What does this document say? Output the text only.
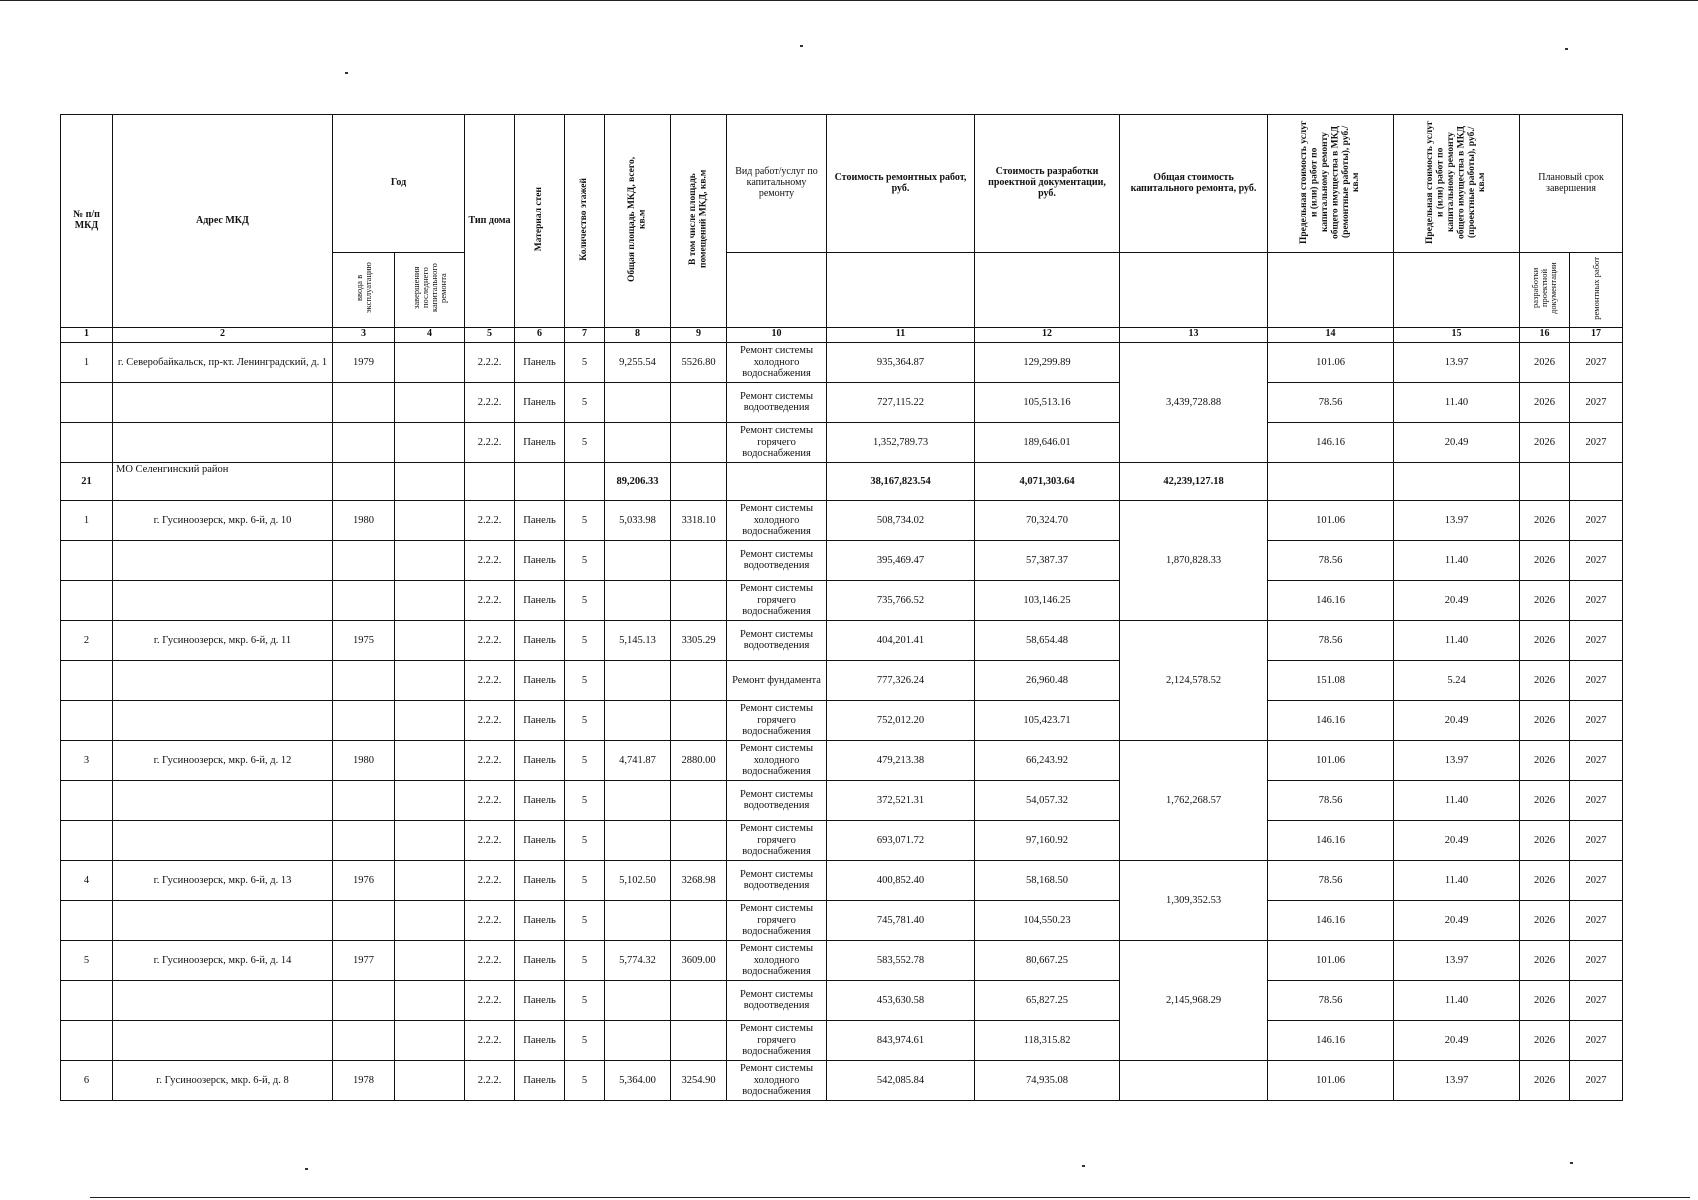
№ п/п МКД	Адрес МКД	Год		Тип дома	Материал стен	Количество этажей	Общая площадь МКД, всего, кв.м	В том числе площадь помещений МКД, кв.м	Вид работ/услуг по капитальному ремонту	Стоимость ремонтных работ, руб.	Стоимость разработки проектной документации, руб.	Общая стоимость капитального ремонта, руб.	Предельная стоимость услуг и (или) работ по капитальному ремонту общего имущества в МКД (ремонтные работы), руб./кв.м	Предельная стоимость услуг и (или) работ по капитальному ремонту общего имущества в МКД (проектные работы), руб./кв.м	Плановый срок завершения	
		ввода в эксплуатацию	завершения последнего капитального ремонта												разработки проектной документации	ремонтных работ
1	2	3	4	5	6	7	8	9	10	11	12	13	14	15	16	17
1	г. Северобайкальск, пр-кт. Ленинградский, д. 1	1979		2.2.2.	Панель	5	9,255.54	5526.80	Ремонт системы холодного водоснабжения	935,364.87	129,299.89	3,439,728.88	101.06	13.97	2026	2027
				2.2.2.	Панель	5			Ремонт системы водоотведения	727,115.22	105,513.16		78.56	11.40	2026	2027
				2.2.2.	Панель	5			Ремонт системы горячего водоснабжения	1,352,789.73	189,646.01		146.16	20.49	2026	2027
21	МО Селенгинский район						89,206.33			38,167,823.54	4,071,303.64	42,239,127.18				
1	г. Гусиноозерск, мкр. 6-й, д. 10	1980		2.2.2.	Панель	5	5,033.98	3318.10	Ремонт системы холодного водоснабжения	508,734.02	70,324.70	1,870,828.33	101.06	13.97	2026	2027
				2.2.2.	Панель	5			Ремонт системы водоотведения	395,469.47	57,387.37		78.56	11.40	2026	2027
				2.2.2.	Панель	5			Ремонт системы горячего водоснабжения	735,766.52	103,146.25		146.16	20.49	2026	2027
2	г. Гусиноозерск, мкр. 6-й, д. 11	1975		2.2.2.	Панель	5	5,145.13	3305.29	Ремонт системы водоотведения	404,201.41	58,654.48	2,124,578.52	78.56	11.40	2026	2027
				2.2.2.	Панель	5			Ремонт фундамента	777,326.24	26,960.48		151.08	5.24	2026	2027
				2.2.2.	Панель	5			Ремонт системы горячего водоснабжения	752,012.20	105,423.71		146.16	20.49	2026	2027
3	г. Гусиноозерск, мкр. 6-й, д. 12	1980		2.2.2.	Панель	5	4,741.87	2880.00	Ремонт системы холодного водоснабжения	479,213.38	66,243.92	1,762,268.57	101.06	13.97	2026	2027
				2.2.2.	Панель	5			Ремонт системы водоотведения	372,521.31	54,057.32		78.56	11.40	2026	2027
				2.2.2.	Панель	5			Ремонт системы горячего водоснабжения	693,071.72	97,160.92		146.16	20.49	2026	2027
4	г. Гусиноозерск, мкр. 6-й, д. 13	1976		2.2.2.	Панель	5	5,102.50	3268.98	Ремонт системы водоотведения	400,852.40	58,168.50	1,309,352.53	78.56	11.40	2026	2027
				2.2.2.	Панель	5			Ремонт системы горячего водоснабжения	745,781.40	104,550.23		146.16	20.49	2026	2027
5	г. Гусиноозерск, мкр. 6-й, д. 14	1977		2.2.2.	Панель	5	5,774.32	3609.00	Ремонт системы холодного водоснабжения	583,552.78	80,667.25	2,145,968.29	101.06	13.97	2026	2027
				2.2.2.	Панель	5			Ремонт системы водоотведения	453,630.58	65,827.25		78.56	11.40	2026	2027
				2.2.2.	Панель	5			Ремонт системы горячего водоснабжения	843,974.61	118,315.82		146.16	20.49	2026	2027
6	г. Гусиноозерск, мкр. 6-й, д. 8	1978		2.2.2.	Панель	5	5,364.00	3254.90	Ремонт системы холодного водоснабжения	542,085.84	74,935.08		101.06	13.97	2026	2027
